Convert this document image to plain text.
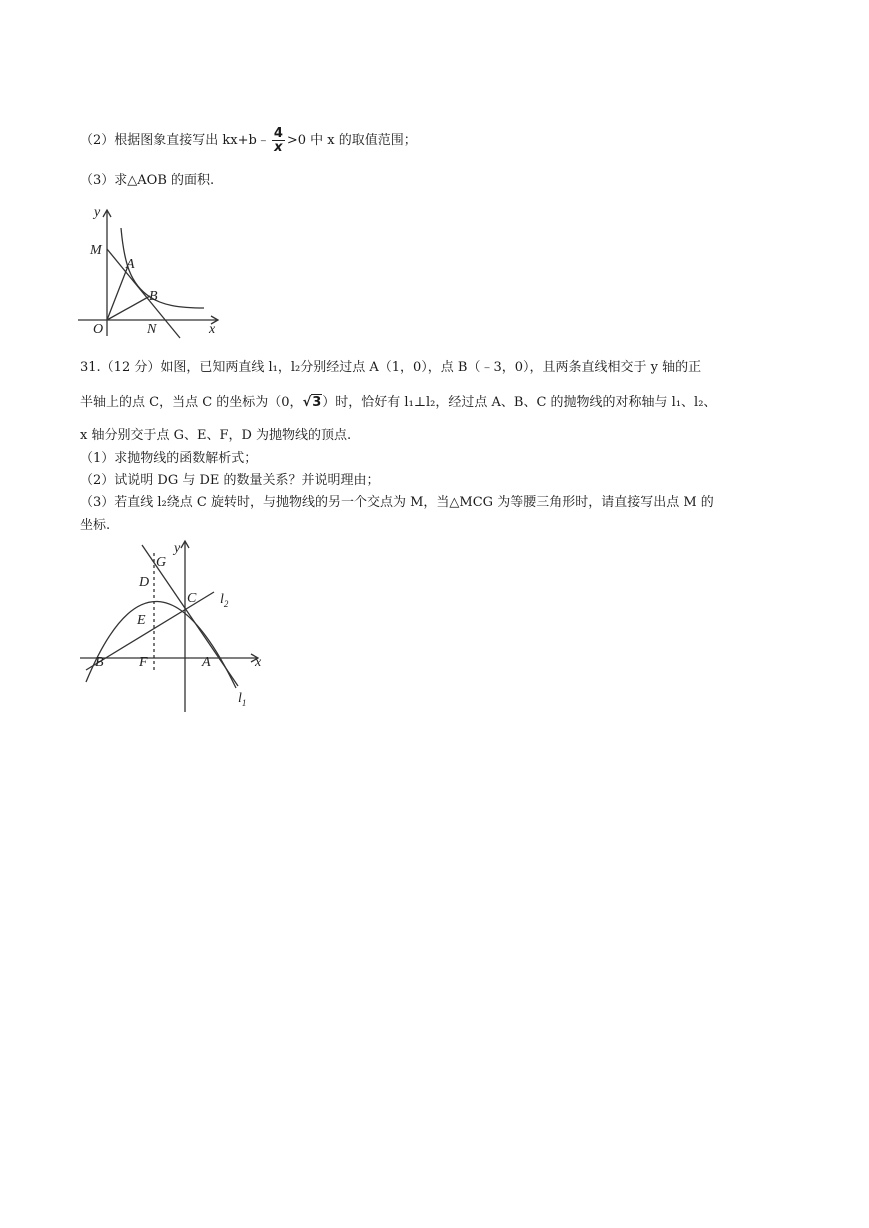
（2）根据图象直接写出 kx+b﹣ $\frac{4}{x} >0$ 中 x 的取值范围；
（3）求△AOB 的面积.
y
M
A
B
O	N	x
31.（12 分）如图，已知两直线 l₁，l₂分别经过点 A（1，0），点 B（﹣3，0），且两条直线相交于 y 轴的正
半轴上的点 C，当点 C 的坐标为（0，√3）时，恰好有 l₁⊥l₂，经过点 A、B、C 的抛物线的对称轴与 l₁、l₂、
x 轴分别交于点 G、E、F，D 为抛物线的顶点.
（1）求抛物线的函数解析式；
（2）试说明 DG 与 DE 的数量关系？并说明理由；
（3）若直线 l₂绕点 C 旋转时，与抛物线的另一个交点为 M，当△MCG 为等腰三角形时，请直接写出点 M 的
坐标.
y
G
D
C
E
B	F	A	x
$l_2$
$l_1$
